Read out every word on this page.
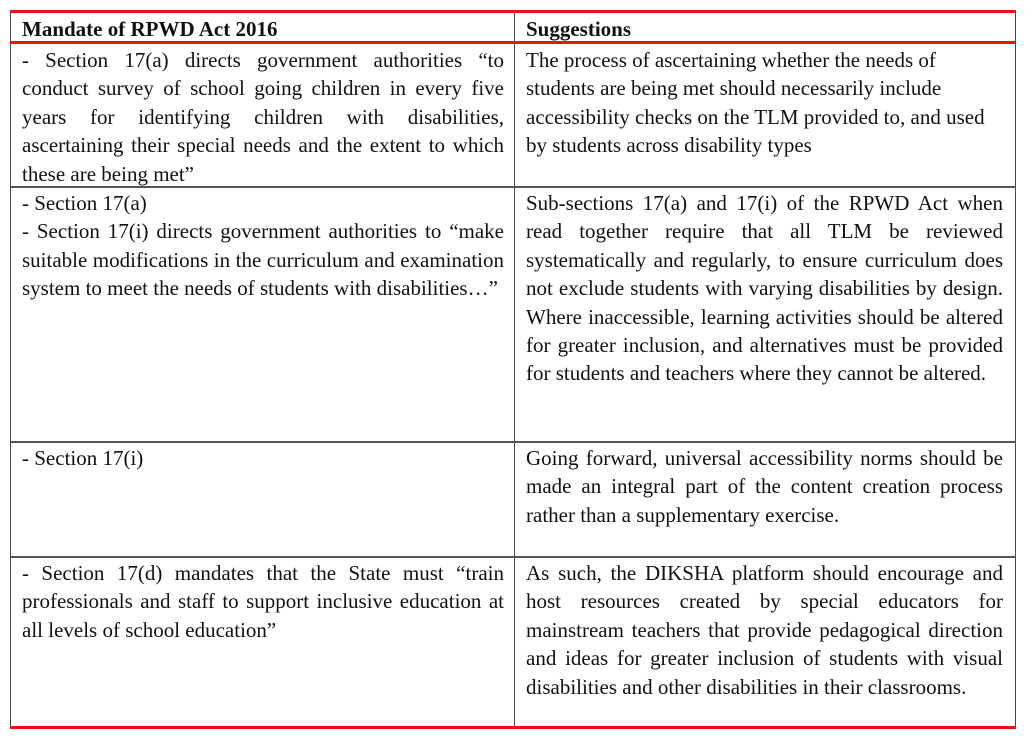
Mandate of RPWD Act 2016	Suggestions

- Section 17(a) directs government authorities “to conduct survey of school going children in every five years for identifying children with disabilities, ascertaining their special needs and the extent to which these are being met”

The process of ascertaining whether the needs of students are being met should necessarily include accessibility checks on the TLM provided to, and used by students across disability types

- Section 17(a)

- Section 17(i) directs government authorities to “make suitable modifications in the curriculum and examination system to meet the needs of students with disabilities…”

Sub-sections 17(a) and 17(i) of the RPWD Act when read together require that all TLM be reviewed systematically and regularly, to ensure curriculum does not exclude students with varying disabilities by design. Where inaccessible, learning activities should be altered for greater inclusion, and alternatives must be provided for students and teachers where they cannot be altered.

- Section 17(i)	Going forward, universal accessibility norms should be made an integral part of the content creation process rather than a supplementary exercise.

- Section 17(d) mandates that the State must “train professionals and staff to support inclusive education at all levels of school education”

As such, the DIKSHA platform should encourage and host resources created by special educators for mainstream teachers that provide pedagogical direction and ideas for greater inclusion of students with visual disabilities and other disabilities in their classrooms.
